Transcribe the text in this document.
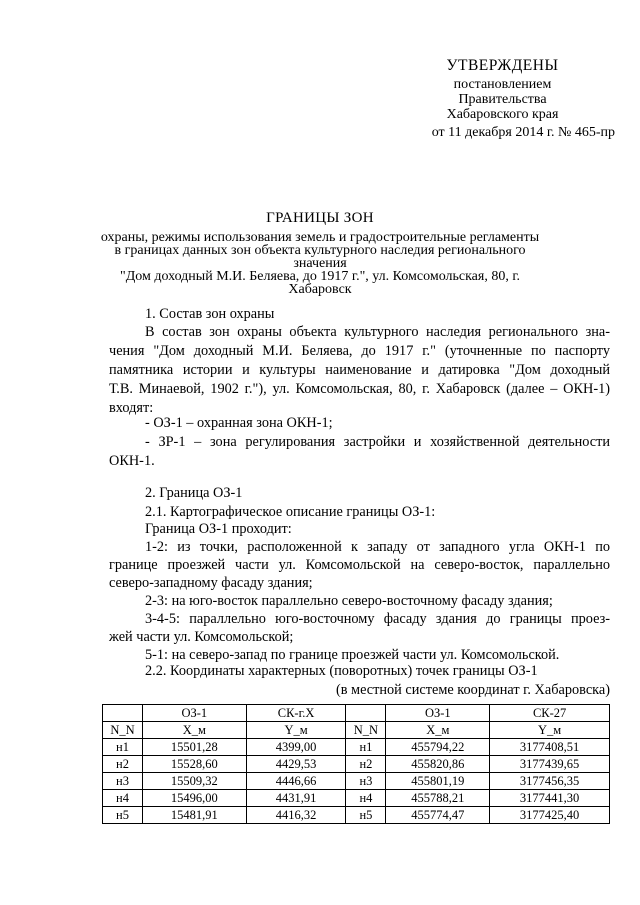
УТВЕРЖДЕНЫ
постановлением
Правительства
Хабаровского края
от 11 декабря 2014 г. № 465-пр
ГРАНИЦЫ ЗОН
охраны, режимы использования земель и градостроительные регламенты
в границах данных зон объекта культурного наследия регионального значения
"Дом доходный М.И. Беляева, до 1917 г.", ул. Комсомольская, 80, г. Хабаровск
1. Состав зон охраны
В состав зон охраны объекта культурного наследия регионального зна-
чения "Дом доходный М.И. Беляева, до 1917 г." (уточненные по паспорту
памятника истории и культуры наименование и датировка "Дом доходный
Т.В. Минаевой, 1902 г."), ул. Комсомольская, 80, г. Хабаровск (далее – ОКН-1)
входят:
- ОЗ-1 – охранная зона ОКН-1;
- ЗР-1 – зона регулирования застройки и хозяйственной деятельности
ОКН-1.
2. Граница ОЗ-1
2.1. Картографическое описание границы ОЗ-1:
Граница ОЗ-1 проходит:
1-2: из точки, расположенной к западу от западного угла ОКН-1 по
границе проезжей части ул. Комсомольской на северо-восток, параллельно
северо-западному фасаду здания;
2-3: на юго-восток параллельно северо-восточному фасаду здания;
3-4-5: параллельно юго-восточному фасаду здания до границы проез-
жей части ул. Комсомольской;
5-1: на северо-запад по границе проезжей части ул. Комсомольской.
2.2. Координаты характерных (поворотных) точек границы ОЗ-1
(в местной системе координат г. Хабаровска)
	ОЗ-1	СК-г.Х		ОЗ-1	СК-27
N_N	X_м	Y_м	N_N	X_м	Y_м
н1	15501,28	4399,00	н1	455794,22	3177408,51
н2	15528,60	4429,53	н2	455820,86	3177439,65
н3	15509,32	4446,66	н3	455801,19	3177456,35
н4	15496,00	4431,91	н4	455788,21	3177441,30
н5	15481,91	4416,32	н5	455774,47	3177425,40
